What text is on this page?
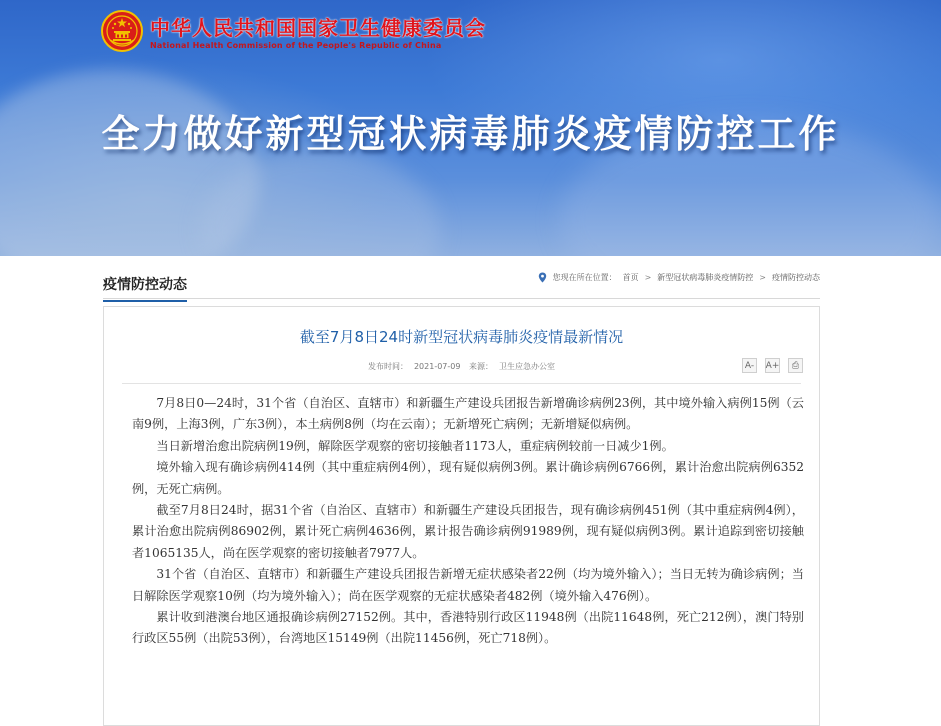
中华人民共和国国家卫生健康委员会
National Health Commission of the People's Republic of China
全力做好新型冠状病毒肺炎疫情防控工作
疫情防控动态	您现在所在位置： 首页 > 新型冠状病毒肺炎疫情防控 > 疫情防控动态
截至7月8日24时新型冠状病毒肺炎疫情最新情况
发布时间： 2021-07-09 来源： 卫生应急办公室	A-	A+	⎙

7月8日0—24时，31个省（自治区、直辖市）和新疆生产建设兵团报告新增确诊病例23例，其中境外输入病例15例（云南9例，上海3例，广东3例），本土病例8例（均在云南）；无新增死亡病例；无新增疑似病例。

当日新增治愈出院病例19例，解除医学观察的密切接触者1173人，重症病例较前一日减少1例。

境外输入现有确诊病例414例（其中重症病例4例），现有疑似病例3例。累计确诊病例6766例，累计治愈出院病例6352例，无死亡病例。

截至7月8日24时，据31个省（自治区、直辖市）和新疆生产建设兵团报告，现有确诊病例451例（其中重症病例4例），累计治愈出院病例86902例，累计死亡病例4636例，累计报告确诊病例91989例，现有疑似病例3例。累计追踪到密切接触者1065135人，尚在医学观察的密切接触者7977人。

31个省（自治区、直辖市）和新疆生产建设兵团报告新增无症状感染者22例（均为境外输入）；当日无转为确诊病例；当日解除医学观察10例（均为境外输入）；尚在医学观察的无症状感染者482例（境外输入476例）。

累计收到港澳台地区通报确诊病例27152例。其中，香港特别行政区11948例（出院11648例，死亡212例），澳门特别行政区55例（出院53例），台湾地区15149例（出院11456例，死亡718例）。
